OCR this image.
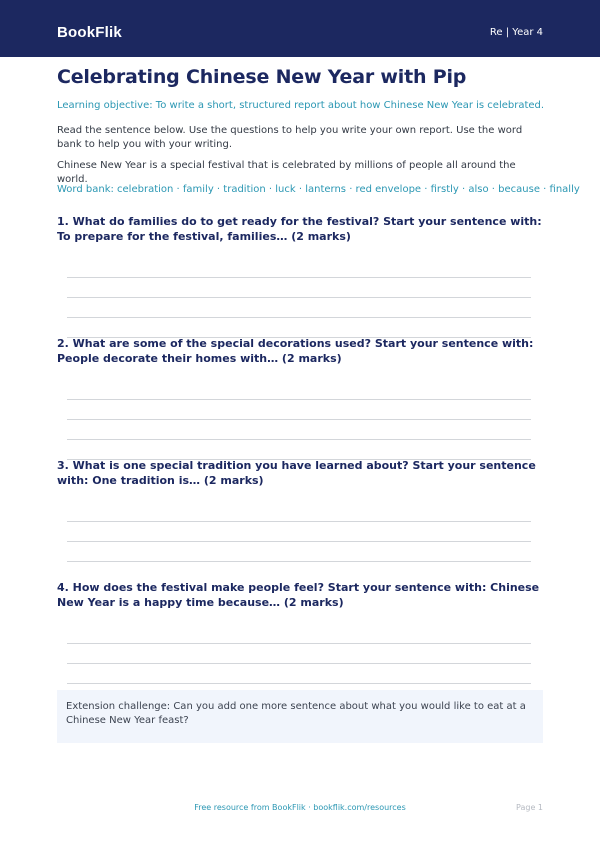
BookFlik	Re | Year 4
Celebrating Chinese New Year with Pip
Learning objective: To write a short, structured report about how Chinese New Year is celebrated.
Read the sentence below. Use the questions to help you write your own report. Use the word bank to help you with your writing.
Chinese New Year is a special festival that is celebrated by millions of people all around the world.
Word bank: celebration · family · tradition · luck · lanterns · red envelope · firstly · also · because · finally
1. What do families do to get ready for the festival? Start your sentence with: To prepare for the festival, families… (2 marks)
2. What are some of the special decorations used? Start your sentence with: People decorate their homes with… (2 marks)
3. What is one special tradition you have learned about? Start your sentence with: One tradition is… (2 marks)
4. How does the festival make people feel? Start your sentence with: Chinese New Year is a happy time because… (2 marks)
Extension challenge: Can you add one more sentence about what you would like to eat at a Chinese New Year feast?
Free resource from BookFlik · bookflik.com/resources	Page 1
